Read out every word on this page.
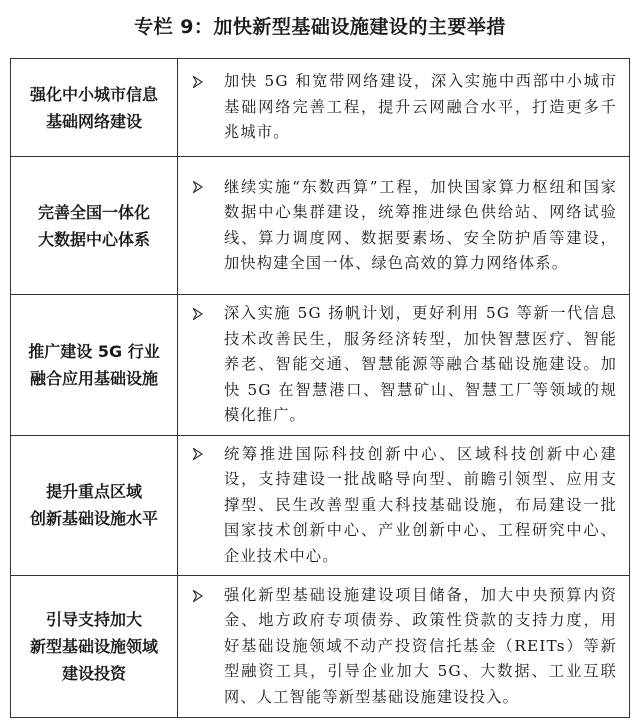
专栏 9：加快新型基础设施建设的主要举措
强化中小城市信息
基础网络建设	加快 5G 和宽带网络建设，深入实施中西部中小城市基础网络完善工程，提升云网融合水平，打造更多千兆城市。

完善全国一体化
大数据中心体系	继续实施“东数西算”工程，加快国家算力枢纽和国家数据中心集群建设，统筹推进绿色供给站、网络试验线、算力调度网、数据要素场、安全防护盾等建设，加快构建全国一体、绿色高效的算力网络体系。

推广建设 5G 行业
融合应用基础设施	深入实施 5G 扬帆计划，更好利用 5G 等新一代信息技术改善民生，服务经济转型，加快智慧医疗、智能养老、智能交通、智慧能源等融合基础设施建设。加快 5G 在智慧港口、智慧矿山、智慧工厂等领域的规模化推广。

提升重点区域
创新基础设施水平	统筹推进国际科技创新中心、区域科技创新中心建设，支持建设一批战略导向型、前瞻引领型、应用支撑型、民生改善型重大科技基础设施，布局建设一批国家技术创新中心、产业创新中心、工程研究中心、企业技术中心。

引导支持加大
新型基础设施领域
建设投资	强化新型基础设施建设项目储备，加大中央预算内资金、地方政府专项债券、政策性贷款的支持力度，用好基础设施领域不动产投资信托基金（REITs）等新型融资工具，引导企业加大 5G、大数据、工业互联网、人工智能等新型基础设施建设投入。
